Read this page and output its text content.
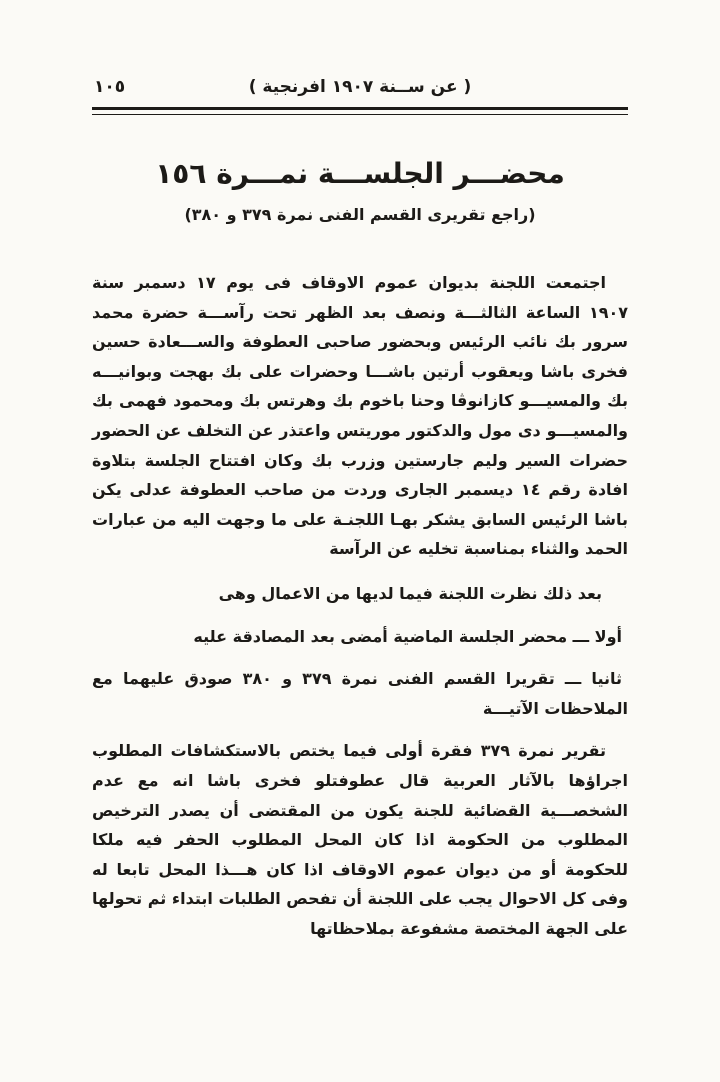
١٠٥	( عن ســنة ١٩٠٧ افرنجية )
محضـــر الجلســـة نمـــرة ١٥٦
(راجع تقريرى القسم الفنى نمرة ٣٧٩ و ٣٨٠)

اجتمعت اللجنة بديوان عموم الاوقاف فى يوم ١٧ دسمبر سنة ١٩٠٧ الساعة الثالثـــة ونصف بعد الظهر تحت رآســـة حضرة محمد سرور بك نائب الرئيس وبحضور صاحبى العطوفة والســـعادة حسين فخرى باشا ويعقوب أرتين باشـــا وحضرات على بك بهجت وبوانيـــه بك والمسيـــو كازانوڤا وحنا باخوم بك وهرتس بك ومحمود فهمى بك والمسيـــو دى مول والدكتور موريتس واعتذر عن التخلف عن الحضور حضرات السير وليم جارستين وزرب بك وكان افتتاح الجلسة بتلاوة افادة رقم ١٤ ديسمبر الجارى وردت من صاحب العطوفة عدلى يكن باشا الرئيس السابق يشكر بهـا اللجنـة على ما وجهت اليه من عبارات الحمد والثناء بمناسبة تخليه عن الرآسة

بعد ذلك نظرت اللجنة فيما لديها من الاعمال وهى

أولا ـــ محضر الجلسة الماضية أمضى بعد المصادقة عليه

ثانيا ـــ تقريرا القسم الفنى نمرة ٣٧٩ و ٣٨٠ صودق عليهما مع الملاحظات الآتيـــة

تقرير نمرة ٣٧٩ فقرة أولى فيما يختص بالاستكشافات المطلوب اجراؤها بالآثار العربية قال عطوفتلو فخرى باشا انه مع عدم الشخصـــية القضائية للجنة يكون من المقتضى أن يصدر الترخيص المطلوب من الحكومة اذا كان المحل المطلوب الحفر فيه ملكا للحكومة أو من ديوان عموم الاوقاف اذا كان هـــذا المحل تابعا له وفى كل الاحوال يجب على اللجنة أن تفحص الطلبات ابتداء ثم تحولها على الجهة المختصة مشفوعة بملاحظاتها
